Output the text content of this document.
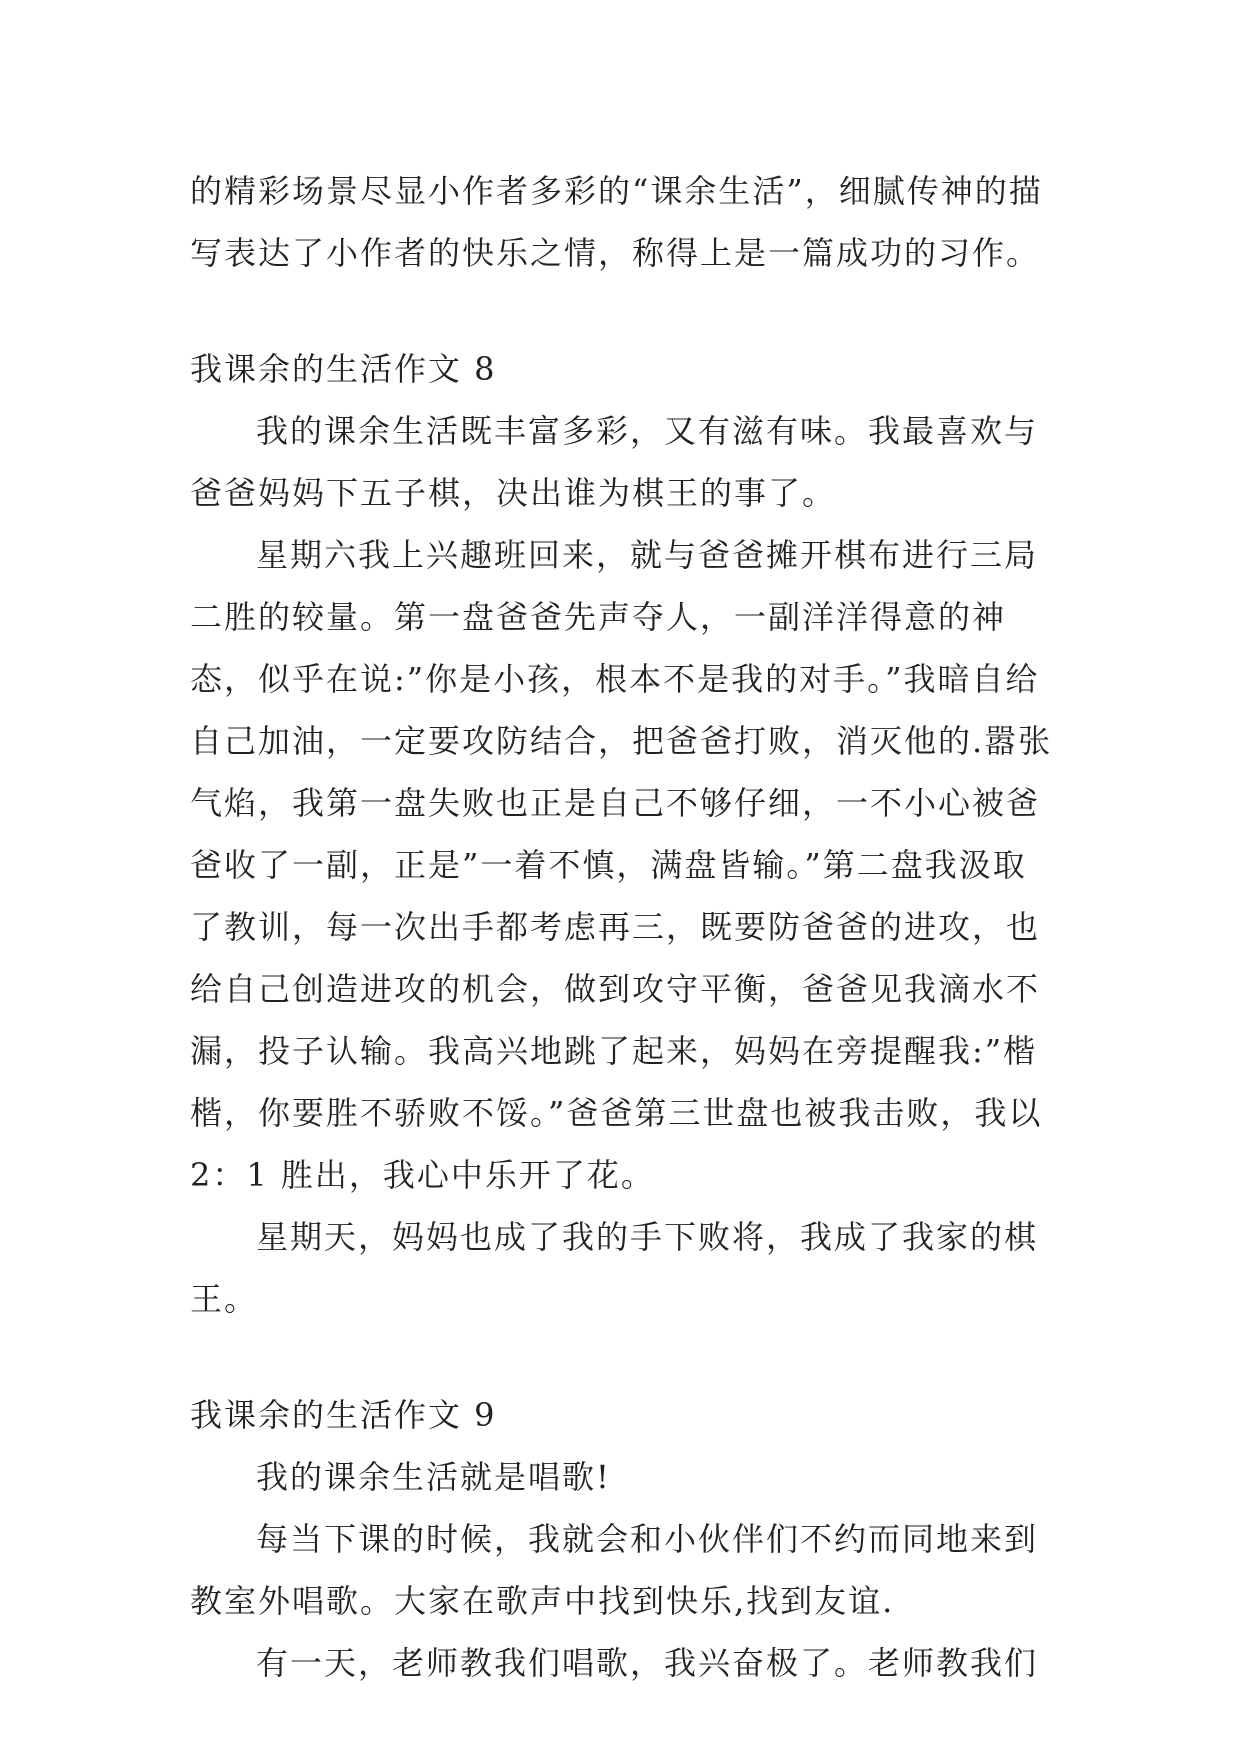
的精彩场景尽显小作者多彩的“课余生活”，细腻传神的描写表达了小作者的快乐之情，称得上是一篇成功的习作。

我课余的生活作文 8

我的课余生活既丰富多彩，又有滋有味。我最喜欢与爸爸妈妈下五子棋，决出谁为棋王的事了。

星期六我上兴趣班回来，就与爸爸摊开棋布进行三局二胜的较量。第一盘爸爸先声夺人，一副洋洋得意的神态，似乎在说:”你是小孩，根本不是我的对手。”我暗自给自己加油，一定要攻防结合，把爸爸打败，消灭他的.嚣张气焰，我第一盘失败也正是自己不够仔细，一不小心被爸爸收了一副，正是”一着不慎，满盘皆输。”第二盘我汲取了教训，每一次出手都考虑再三，既要防爸爸的进攻，也给自己创造进攻的机会，做到攻守平衡，爸爸见我滴水不漏，投子认输。我高兴地跳了起来，妈妈在旁提醒我:”楷楷，你要胜不骄败不馁。”爸爸第三世盘也被我击败，我以 2：1 胜出，我心中乐开了花。

星期天，妈妈也成了我的手下败将，我成了我家的棋王。

我课余的生活作文 9

我的课余生活就是唱歌!

每当下课的时候，我就会和小伙伴们不约而同地来到教室外唱歌。大家在歌声中找到快乐,找到友谊.

有一天，老师教我们唱歌，我兴奋极了。老师教我们
